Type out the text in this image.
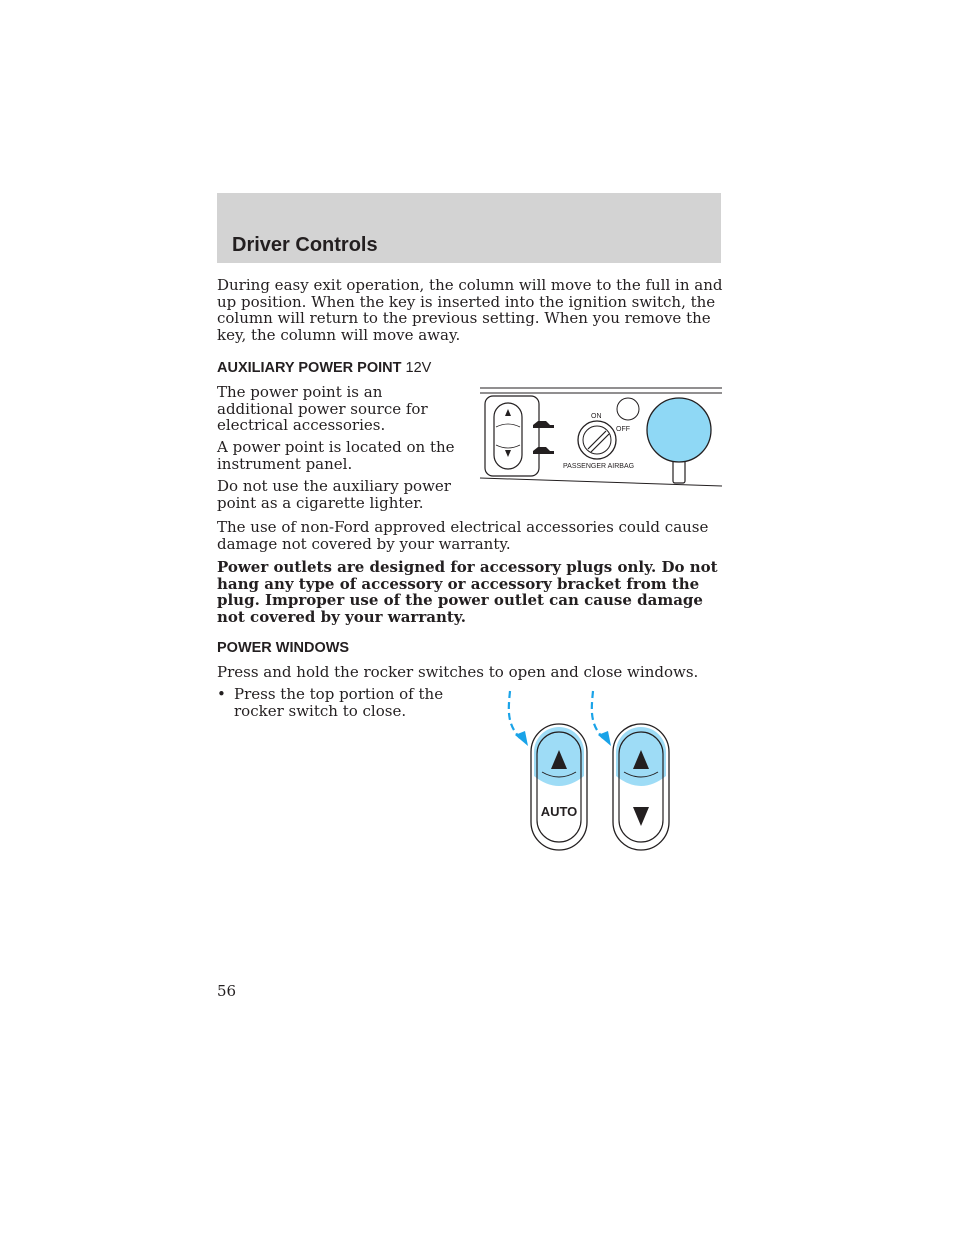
Driver Controls

During easy exit operation, the column will move to the full in and up position. When the key is inserted into the ignition switch, the column will return to the previous setting. When you remove the key, the column will move away.

AUXILIARY POWER POINT 12V

The power point is an additional power source for electrical accessories.

A power point is located on the instrument panel.

Do not use the auxiliary power point as a cigarette lighter.

ON
OFF
PASSENGER AIRBAG

The use of non-Ford approved electrical accessories could cause damage not covered by your warranty.

Power outlets are designed for accessory plugs only. Do not hang any type of accessory or accessory bracket from the plug. Improper use of the power outlet can cause damage not covered by your warranty.

POWER WINDOWS

Press and hold the rocker switches to open and close windows.

• Press the top portion of the rocker switch to close.
AUTO
56
